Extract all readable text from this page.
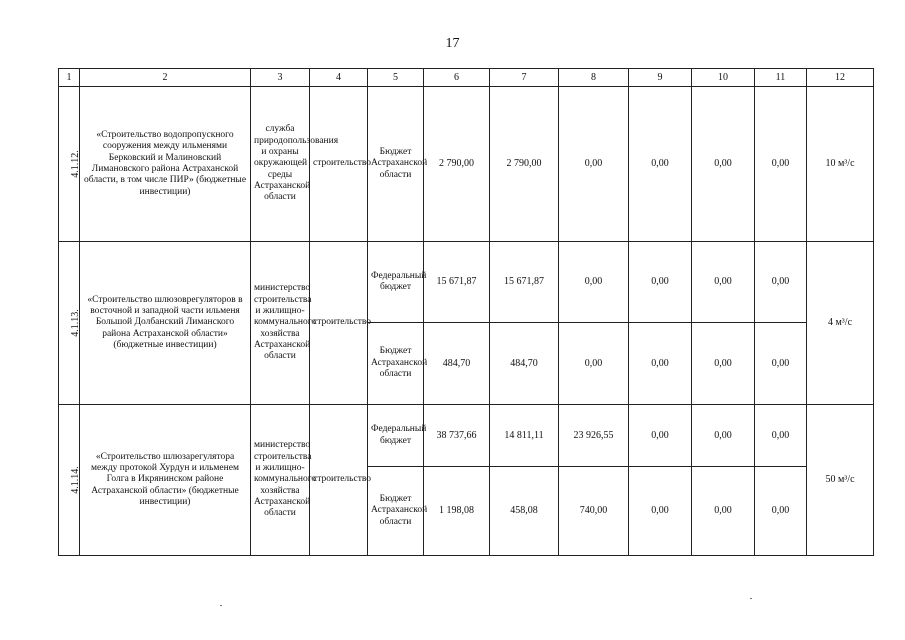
17
1	2	3	4	5	6	7	8	9	10	11	12
4.1.12.	«Строительство водопропускного сооружения между ильменями Берковский и Малиновский Лимановского района Астраханской области, в том числе ПИР» (бюджетные инвестиции)	служба природопользования и охраны окружающей среды Астраханской области	строительство	Бюджет Астраханской области	2 790,00	2 790,00	0,00	0,00	0,00	0,00	10 м³/с
4.1.13.	«Строительство шлюзоврегуляторов в восточной и западной части ильменя Большой Долбанский Лиманского района Астраханской области» (бюджетные инвестиции)	министерство строительства и жилищно-коммунального хозяйства Астраханской области	строительство	Федеральный бюджет	15 671,87	15 671,87	0,00	0,00	0,00	0,00	4 м³/с
				Бюджет Астраханской области	484,70	484,70	0,00	0,00	0,00	0,00	
4.1.14.	«Строительство шлюзарегулятора между протокой Хурдун и ильменем Голга в Икрянинском районе Астраханской области» (бюджетные инвестиции)	министерство строительства и жилищно-коммунального хозяйства Астраханской области	строительство	Федеральный бюджет	38 737,66	14 811,11	23 926,55	0,00	0,00	0,00	50 м³/с
				Бюджет Астраханской области	1 198,08	458,08	740,00	0,00	0,00	0,00	
